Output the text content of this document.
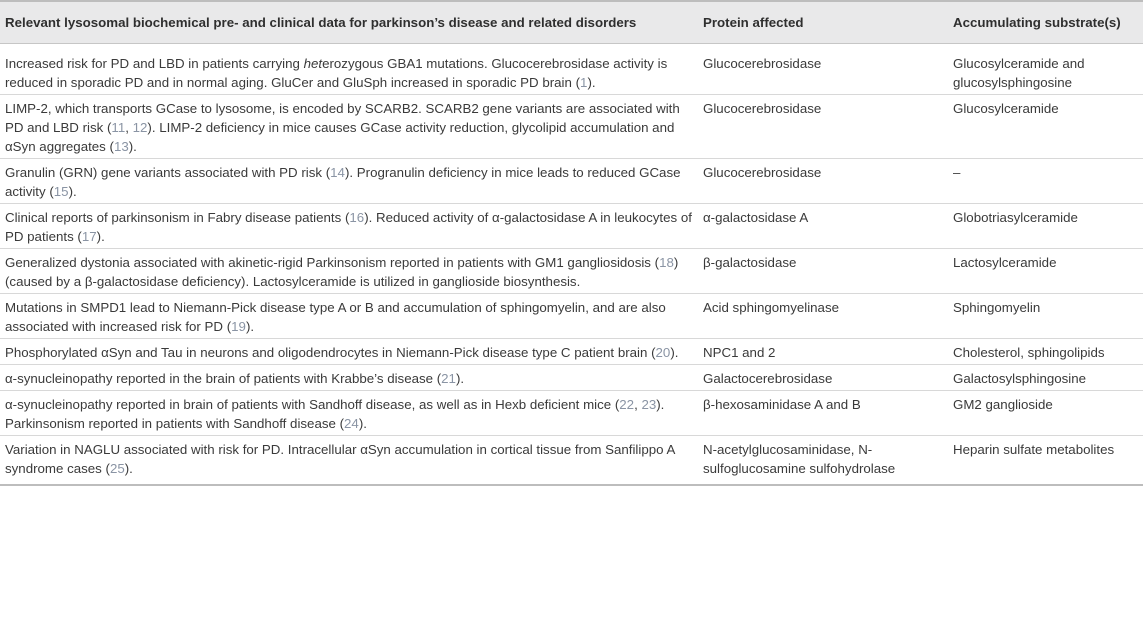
Relevant lysosomal biochemical pre- and clinical data for parkinson’s disease and related disorders	Protein affected	Accumulating substrate(s)
Increased risk for PD and LBD in patients carrying heterozygous GBA1 mutations. Glucocerebrosidase activity is reduced in sporadic PD and in normal aging. GluCer and GluSph increased in sporadic PD brain (1).	Glucocerebrosidase	Glucosylceramide and glucosylsphingosine
LIMP-2, which transports GCase to lysosome, is encoded by SCARB2. SCARB2 gene variants are associated with PD and LBD risk (11, 12). LIMP-2 deficiency in mice causes GCase activity reduction, glycolipid accumulation and αSyn aggregates (13).	Glucocerebrosidase	Glucosylceramide
Granulin (GRN) gene variants associated with PD risk (14). Progranulin deficiency in mice leads to reduced GCase activity (15).	Glucocerebrosidase	–
Clinical reports of parkinsonism in Fabry disease patients (16). Reduced activity of α-galactosidase A in leukocytes of PD patients (17).	α-galactosidase A	Globotriasylceramide
Generalized dystonia associated with akinetic-rigid Parkinsonism reported in patients with GM1 gangliosidosis (18) (caused by a β-galactosidase deficiency). Lactosylceramide is utilized in ganglioside biosynthesis.	β-galactosidase	Lactosylceramide
Mutations in SMPD1 lead to Niemann-Pick disease type A or B and accumulation of sphingomyelin, and are also associated with increased risk for PD (19).	Acid sphingomyelinase	Sphingomyelin
Phosphorylated αSyn and Tau in neurons and oligodendrocytes in Niemann-Pick disease type C patient brain (20).	NPC1 and 2	Cholesterol, sphingolipids
α-synucleinopathy reported in the brain of patients with Krabbe’s disease (21).	Galactocerebrosidase	Galactosylsphingosine
α-synucleinopathy reported in brain of patients with Sandhoff disease, as well as in Hexb deficient mice (22, 23). Parkinsonism reported in patients with Sandhoff disease (24).	β-hexosaminidase A and B	GM2 ganglioside
Variation in NAGLU associated with risk for PD. Intracellular αSyn accumulation in cortical tissue from Sanfilippo A syndrome cases (25).	N-acetylglucosaminidase, N-sulfoglucosamine sulfohydrolase	Heparin sulfate metabolites
